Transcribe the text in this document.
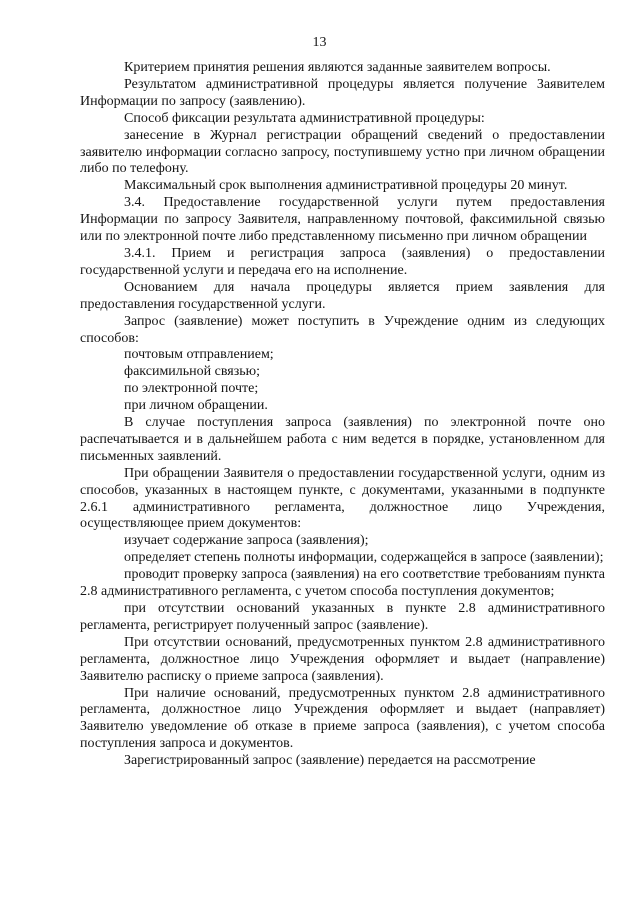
13

Критерием принятия решения являются заданные заявителем вопросы.

Результатом административной процедуры является получение Заявителем Информации по запросу (заявлению).

Способ фиксации результата административной процедуры:

занесение в Журнал регистрации обращений сведений о предоставлении заявителю информации согласно запросу, поступившему устно при личном обращении либо по телефону.

Максимальный срок выполнения административной процедуры 20 минут.

3.4. Предоставление государственной услуги путем предоставления Информации по запросу Заявителя, направленному почтовой, факсимильной связью или по электронной почте либо представленному письменно при личном обращении

3.4.1. Прием и регистрация запроса (заявления) о предоставлении государственной услуги и передача его на исполнение.

Основанием для начала процедуры является прием заявления для предоставления государственной услуги.

Запрос (заявление) может поступить в Учреждение одним из следующих способов:

почтовым отправлением;

факсимильной связью;

по электронной почте;

при личном обращении.

В случае поступления запроса (заявления) по электронной почте оно распечатывается и в дальнейшем работа с ним ведется в порядке, установленном для письменных заявлений.

При обращении Заявителя о предоставлении государственной услуги, одним из способов, указанных в настоящем пункте, с документами, указанными в подпункте 2.6.1 административного регламента, должностное лицо Учреждения, осуществляющее прием документов:

изучает содержание запроса (заявления);

определяет степень полноты информации, содержащейся в запросе (заявлении);

проводит проверку запроса (заявления) на его соответствие требованиям пункта 2.8 административного регламента, с учетом способа поступления документов;

при отсутствии оснований указанных в пункте 2.8 административного регламента, регистрирует полученный запрос (заявление).

При отсутствии оснований, предусмотренных пунктом 2.8 административного регламента, должностное лицо Учреждения оформляет и выдает (направление) Заявителю расписку о приеме запроса (заявления).

При наличие оснований, предусмотренных пунктом 2.8 административного регламента, должностное лицо Учреждения оформляет и выдает (направляет) Заявителю уведомление об отказе в приеме запроса (заявления), с учетом способа поступления запроса и документов.

Зарегистрированный запрос (заявление) передается на рассмотрение
